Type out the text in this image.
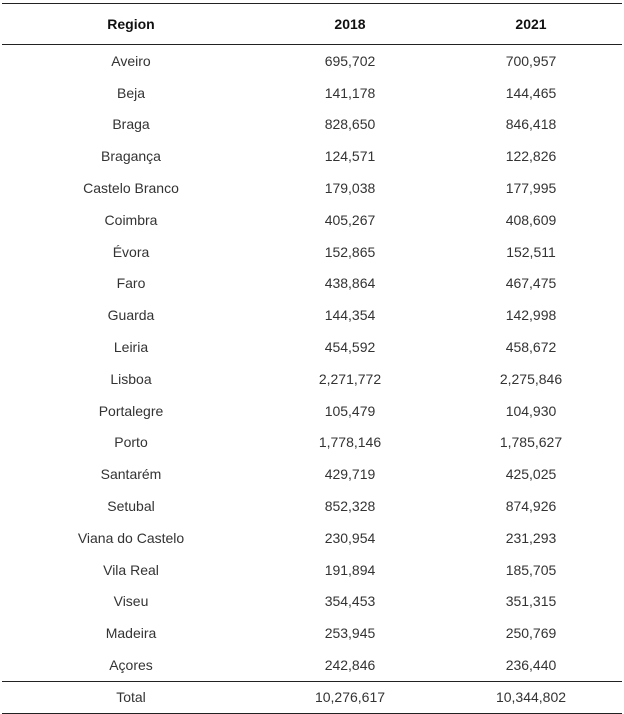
Region	2018	2021
Aveiro	695,702	700,957
Beja	141,178	144,465
Braga	828,650	846,418
Bragança	124,571	122,826
Castelo Branco	179,038	177,995
Coimbra	405,267	408,609
Évora	152,865	152,511
Faro	438,864	467,475
Guarda	144,354	142,998
Leiria	454,592	458,672
Lisboa	2,271,772	2,275,846
Portalegre	105,479	104,930
Porto	1,778,146	1,785,627
Santarém	429,719	425,025
Setubal	852,328	874,926
Viana do Castelo	230,954	231,293
Vila Real	191,894	185,705
Viseu	354,453	351,315
Madeira	253,945	250,769
Açores	242,846	236,440
Total	10,276,617	10,344,802
